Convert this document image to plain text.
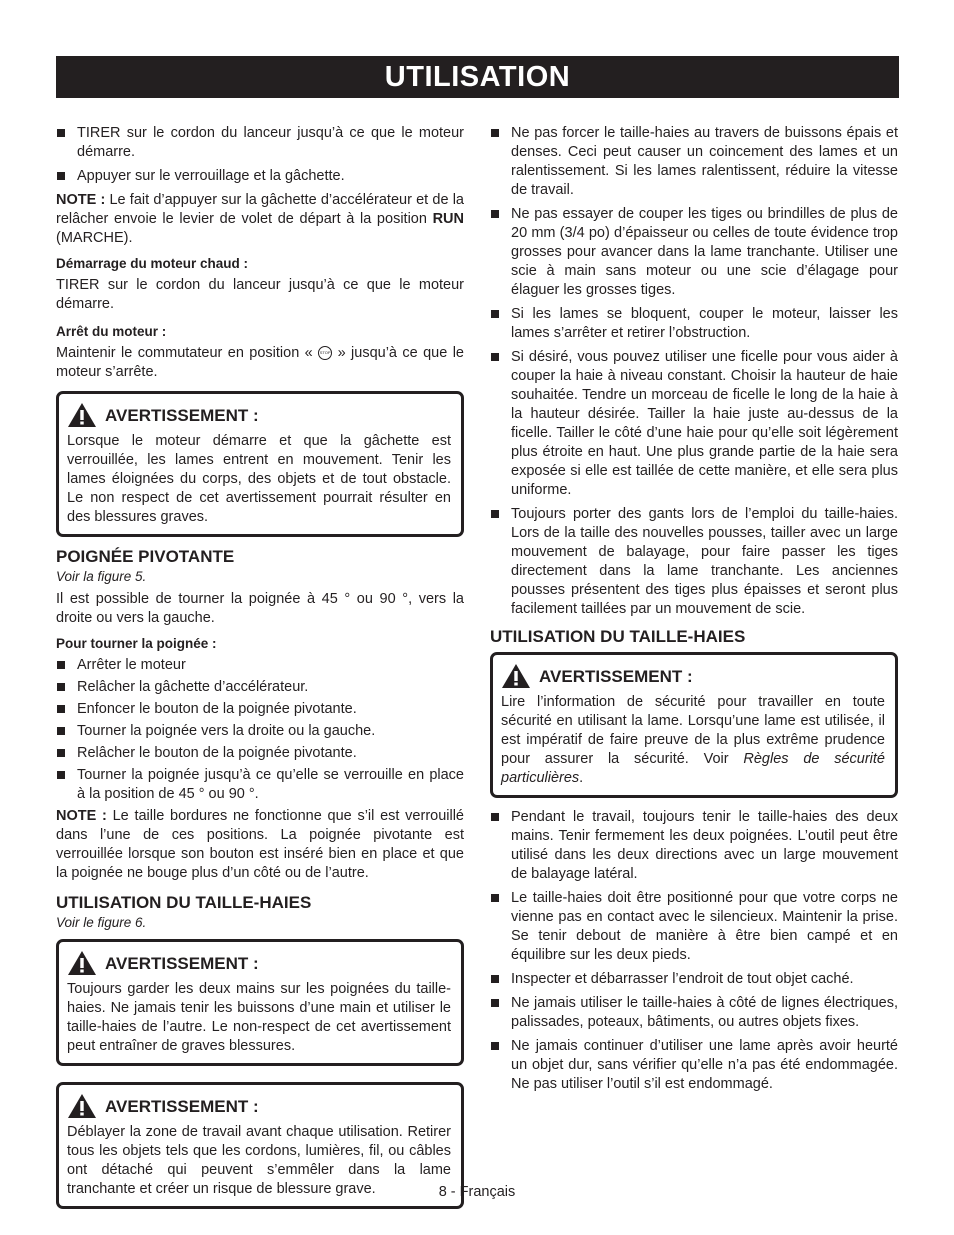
UTILISATION
TIRER sur le cordon du lanceur jusqu’à ce que le moteur démarre.
Appuyer sur le verrouillage et la gâchette.

NOTE : Le fait d’appuyer sur la gâchette d’accélérateur et de la relâcher envoie le levier de volet de départ à la position RUN (MARCHE).

Démarrage du moteur chaud :

TIRER sur le cordon du lanceur jusqu’à ce que le moteur démarre.

Arrêt du moteur :

Maintenir le commutateur en position « STOP » jusqu’à ce que le moteur s’arrête.

AVERTISSEMENT :
Lorsque le moteur démarre et que la gâchette est verrouillée, les lames entrent en mouvement. Tenir les lames éloignées du corps, des objets et de tout obstacle. Le non respect de cet avertissement pourrait résulter en des blessures graves.
POIGNÉE PIVOTANTE
Voir la figure 5.

Il est possible de tourner la poignée à 45 ° ou 90 °, vers la droite ou vers la gauche.

Pour tourner la poignée :
Arrêter le moteur
Relâcher la gâchette d’accélérateur.
Enfoncer le bouton de la poignée pivotante.
Tourner la poignée vers la droite ou la gauche.
Relâcher le bouton de la poignée pivotante.
Tourner la poignée jusqu’à ce qu’elle se verrouille en place à la position de 45 ° ou 90 °.

NOTE : Le taille bordures ne fonctionne que s’il est verrouillé dans l’une de ces positions. La poignée pivotante est verrouillée lorsque son bouton est inséré bien en place et que la poignée ne bouge plus d’un côté ou de l’autre.

UTILISATION DU TAILLE-HAIES
Voir le figure 6.
AVERTISSEMENT :
Toujours garder les deux mains sur les poignées du taille-haies. Ne jamais tenir les buissons d’une main et utiliser le taille-haies de l’autre. Le non-respect de cet avertissement peut entraîner de graves blessures.
AVERTISSEMENT :
Déblayer la zone de travail avant chaque utilisation. Retirer tous les objets tels que les cordons, lumières, fil, ou câbles ont détaché qui peuvent s’emmêler dans la lame tranchante et créer un risque de blessure grave.
Ne pas forcer le taille-haies au travers de buissons épais et denses. Ceci peut causer un coincement des lames et un ralentissement. Si les lames ralentissent, réduire la vitesse de travail.
Ne pas essayer de couper les tiges ou brindilles de plus de 20 mm (3/4 po) d’épaisseur ou celles de toute évidence trop grosses pour avancer dans la lame tranchante. Utiliser une scie à main sans moteur ou une scie d’élagage pour élaguer les grosses tiges.
Si les lames se bloquent, couper le moteur, laisser les lames s’arrêter et retirer l’obstruction.
Si désiré, vous pouvez utiliser une ficelle pour vous aider à couper la haie à niveau constant. Choisir la hauteur de haie souhaitée. Tendre un morceau de ficelle le long de la haie à la hauteur désirée. Tailler la haie juste au-dessus de la ficelle. Tailler le côté d’une haie pour qu’elle soit légèrement plus étroite en haut. Une plus grande partie de la haie sera exposée si elle est taillée de cette manière, et elle sera plus uniforme.
Toujours porter des gants lors de l’emploi du taille-haies. Lors de la taille des nouvelles pousses, tailler avec un large mouvement de balayage, pour faire passer les tiges directement dans la lame tranchante. Les anciennes pousses présentent des tiges plus épaisses et seront plus facilement taillées par un mouvement de scie.
UTILISATION DU TAILLE-HAIES
AVERTISSEMENT :
Lire l’information de sécurité pour travailler en toute sécurité en utilisant la lame. Lorsqu’une lame est utilisée, il est impératif de faire preuve de la plus extrême prudence pour assurer la sécurité. Voir Règles de sécurité particulières.
Pendant le travail, toujours tenir le taille-haies des deux mains. Tenir fermement les deux poignées. L’outil peut être utilisé dans les deux directions avec un large mouvement de balayage latéral.
Le taille-haies doit être positionné pour que votre corps ne vienne pas en contact avec le silencieux. Maintenir la prise. Se tenir debout de manière à être bien campé et en équilibre sur les deux pieds.
Inspecter et débarrasser l’endroit de tout objet caché.
Ne jamais utiliser le taille-haies à côté de lignes électriques, palissades, poteaux, bâtiments, ou autres objets fixes.
Ne jamais continuer d’utiliser une lame après avoir heurté un objet dur, sans vérifier qu’elle n’a pas été endommagée. Ne pas utiliser l’outil s’il est endommagé.
8 - Français
